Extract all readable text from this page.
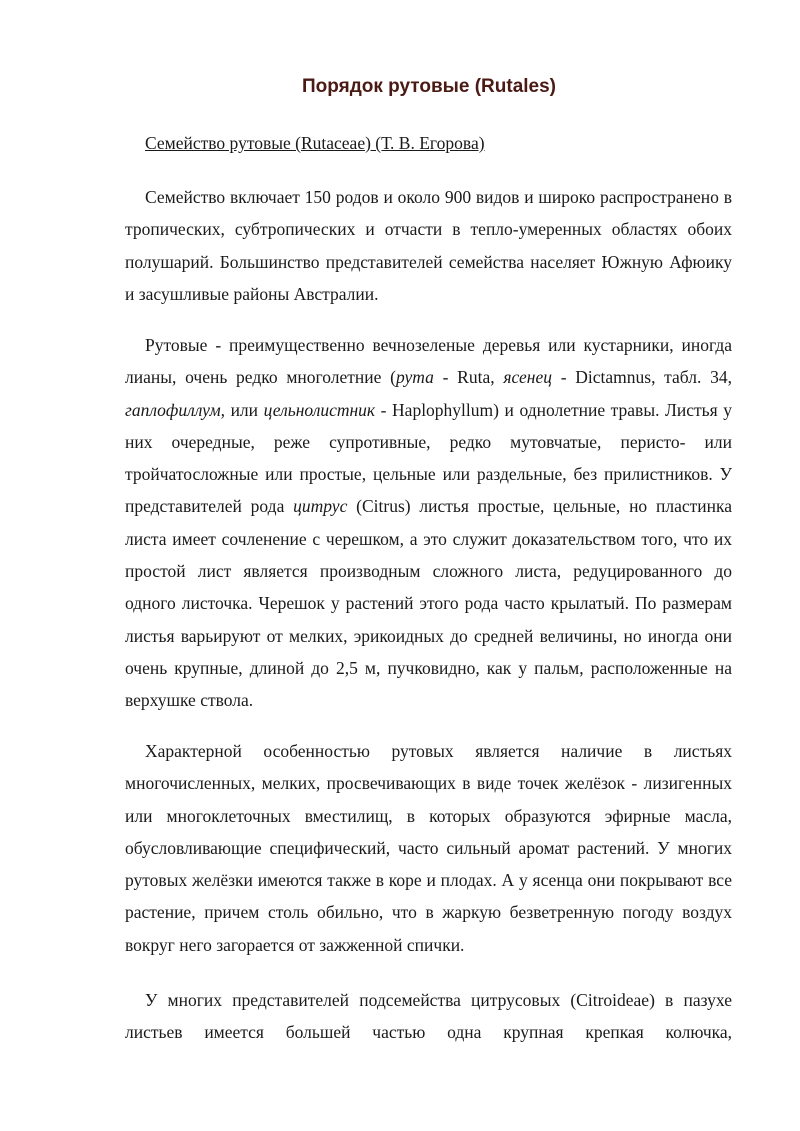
Порядок рутовые (Rutales)
Семейство рутовые (Rutaceae) (Т. В. Егорова)

Семейство включает 150 родов и около 900 видов и широко распространено в тропических, субтропических и отчасти в тепло-умеренных областях обоих полушарий. Большинство представителей семейства населяет Южную Афюику и засушливые районы Австралии.

Рутовые - преимущественно вечнозеленые деревья или кустарники, иногда лианы, очень редко многолетние (рута - Ruta, ясенец - Dictamnus, табл. 34, гаплофиллум, или цельнолистник - Haplophyllum) и однолетние травы. Листья у них очередные, реже супротивные, редко мутовчатые, перисто- или тройчатосложные или простые, цельные или раздельные, без прилистников. У представителей рода цитрус (Citrus) листья простые, цельные, но пластинка листа имеет сочленение с черешком, а это служит доказательством того, что их простой лист является производным сложного листа, редуцированного до одного листочка. Черешок у растений этого рода часто крылатый. По размерам листья варьируют от мелких, эрикоидных до средней величины, но иногда они очень крупные, длиной до 2,5 м, пучковидно, как у пальм, расположенные на верхушке ствола.

Характерной особенностью рутовых является наличие в листьях многочисленных, мелких, просвечивающих в виде точек желёзок - лизигенных или многоклеточных вместилищ, в которых образуются эфирные масла, обусловливающие специфический, часто сильный аромат растений. У многих рутовых желёзки имеются также в коре и плодах. А у ясенца они покрывают все растение, причем столь обильно, что в жаркую безветренную погоду воздух вокруг него загорается от зажженной спички.

У многих представителей подсемейства цитрусовых (Citroideae) в пазухе листьев имеется большей частью одна крупная крепкая колючка,
